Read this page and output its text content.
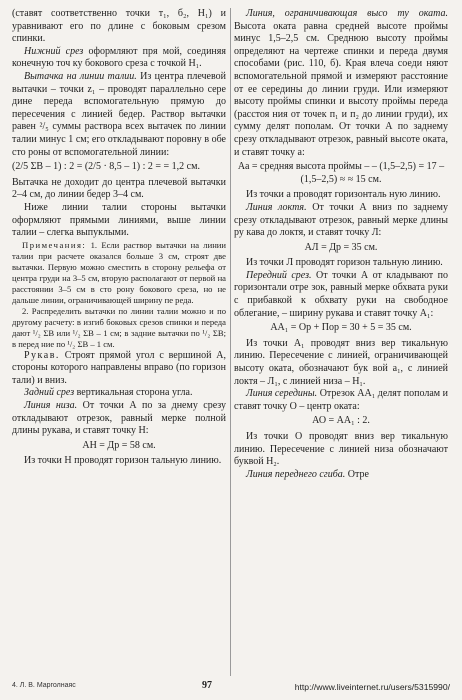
(ставят соответственно точки т₁, б₂, Н₁) и уравнивают его по длине с боковым срезом спинки.

Нижний срез оформляют пря мой, соединяя конечную точ ку бокового среза с точкой Н₁.

Вытачка на линии талии. Из центра плечевой вытачки – точки z₁ – проводят параллельно сере дине переда вспомогательную прямую до пересечения с линией бедер. Раствор вытачки равен ²/₅ суммы раствора всех вытачек по линии талии минус 1 см; его откладывают поровну в обе сто роны от вспомогательной линии:

(2/5 ΣВ – 1) : 2 = (2/5 · 8,5 – 1) : 2 = = 1,2 см.

Вытачка не доходит до центра плечевой вытачки 2–4 см, до линии бедер 3–4 см.

Ниже линии талии стороны вытачки оформляют прямыми линиями, выше линии талии – слегка выпуклыми.

Примечания: 1. Если раствор вытачки на линии талии при расчете оказался больше 3 см, строят две вытачки. Первую можно сместить в сторону рельефа от центра груди на 3–5 см, вторую располагают от первой на расстоянии 3–5 см в сто рону бокового среза, но не дальше линии, ограничивающей ширину пе реда.

2. Распределить вытачки по линии талии можно и по другому расчету: в изгиб боковых срезов спинки и переда дают ¹/₂ ΣВ или ¹/₂ ΣВ – 1 см; в задние вытачки по ¹/₂ ΣВ; в перед ние по ¹/₂ ΣВ – 1 см.

Рукав. Строят прямой угол с вершиной А, стороны которого направлены вправо (по горизон тали) и вниз.

Задний срез вертикальная сторона угла.

Линия низа. От точки А по за днему срезу откладывают отрезок, равный мерке полной длины рукава, и ставят точку Н:

АН = Др = 58 см.

Из точки Н проводят горизон тальную линию.

Линия, ограничивающая высо ту оката. Высота оката равна средней высоте проймы минус 1,5–2,5 см. Среднюю высоту проймы определяют на чертеже спинки и переда двумя способами (рис. 110, б). Края влеча соеди няют вспомогательной прямой и измеряют расстояние от ее середины до линии груди. Или измеряют высоту проймы спинки и высоту проймы переда (расстоя ния от точек п₁ и п₂ до линии груди), их сумму делят пополам. От точки А по заднему срезу откладывают отрезок, равный высоте оката, и ставят точку а:

Аа = средняя высота проймы – – (1,5–2,5) = 17 – (1,5–2,5) ≈ ≈ 15 см.

Из точки а проводят горизонталь ную линию.

Линия локтя. От точки А вниз по заднему срезу откладывают отрезок, равный мерке длины ру кава до локтя, и ставят точку Л:

АЛ = Др = 35 см.

Из точки Л проводят горизон тальную линию.

Передний срез. От точки А от кладывают по горизонтали отре зок, равный мерке обхвата руки с прибавкой к обхвату руки на свободное облегание, – ширину рукава и ставят точку А₁:

АА₁ = Ор + Пор = 30 + 5 = 35 см.

Из точки А₁ проводят вниз вер тикальную линию. Пересечение с линией, ограничивающей высоту оката, обозначают бук вой а₁, с линией локтя – Л₁, с линией низа – Н₁.

Линия середины. Отрезок АА₁ делят пополам и ставят точку О – центр оката:

АО = АА₁ : 2.

Из точки О проводят вниз вер тикальную линию. Пересечение с линией низа обозначают буквой Н₂.

Линия переднего сгиба. Отре

4. Л. В. Марголнаяс	97	http://www.liveinternet.ru/users/5315990/
